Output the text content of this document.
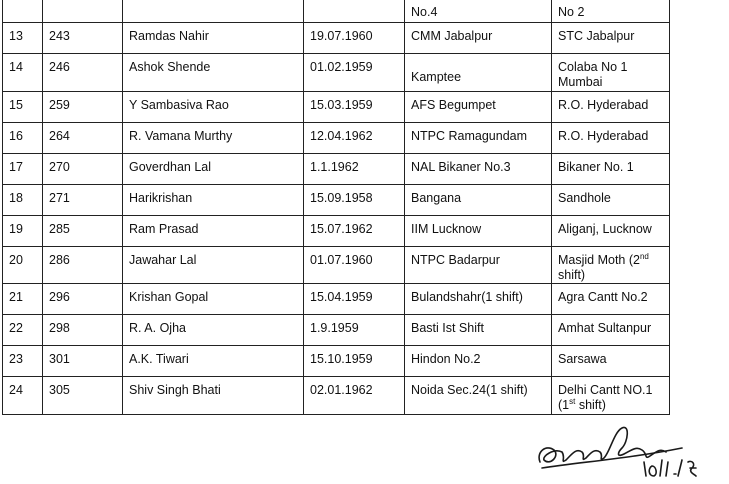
				No.4	No 2
13	243	Ramdas Nahir	19.07.1960	CMM Jabalpur	STC Jabalpur
14	246	Ashok Shende	01.02.1959	Kamptee	Colaba No 1
Mumbai

15	259	Y Sambasiva Rao	15.03.1959	AFS Begumpet	R.O. Hyderabad
16	264	R. Vamana Murthy	12.04.1962	NTPC Ramagundam	R.O. Hyderabad
17	270	Goverdhan Lal	1.1.1962	NAL Bikaner No.3	Bikaner No. 1
18	271	Harikrishan	15.09.1958	Bangana	Sandhole
19	285	Ram Prasad	15.07.1962	IIM Lucknow	Aliganj, Lucknow
20	286	Jawahar Lal	01.07.1960	NTPC Badarpur	Masjid Moth (2nd
shift)

21	296	Krishan Gopal	15.04.1959	Bulandshahr(1 shift)	Agra Cantt No.2
22	298	R. A. Ojha	1.9.1959	Basti Ist Shift	Amhat Sultanpur
23	301	A.K. Tiwari	15.10.1959	Hindon No.2	Sarsawa
24	305	Shiv Singh Bhati	02.01.1962	Noida Sec.24(1 shift)	Delhi Cantt NO.1
(1st shift)
